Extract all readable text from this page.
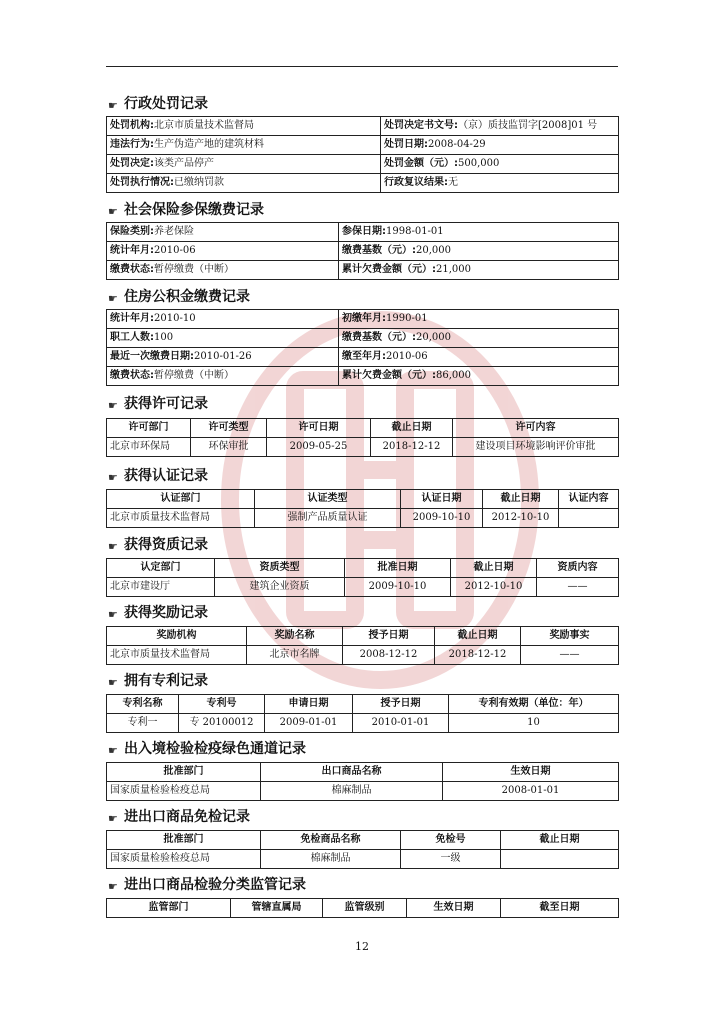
☛ 行政处罚记录
处罚机构:北京市质量技术监督局	处罚决定书文号:（京）质技监罚字[2008]01 号
违法行为:生产伪造产地的建筑材料	处罚日期:2008-04-29
处罚决定:该类产品停产	处罚金额（元）:500,000
处罚执行情况:已缴纳罚款	行政复议结果:无
☛ 社会保险参保缴费记录
保险类别:养老保险	参保日期:1998-01-01
统计年月:2010-06	缴费基数（元）:20,000
缴费状态:暂停缴费（中断）	累计欠费金额（元）:21,000
☛ 住房公积金缴费记录
统计年月:2010-10	初缴年月:1990-01
职工人数:100	缴费基数（元）:20,000
最近一次缴费日期:2010-01-26	缴至年月:2010-06
缴费状态:暂停缴费（中断）	累计欠费金额（元）:86,000
☛ 获得许可记录
许可部门	许可类型	许可日期	截止日期	许可内容
北京市环保局	环保审批	2009-05-25	2018-12-12	建设项目环境影响评价审批
☛ 获得认证记录
认证部门	认证类型	认证日期	截止日期	认证内容
北京市质量技术监督局	强制产品质量认证	2009-10-10	2012-10-10	
☛ 获得资质记录
认定部门	资质类型	批准日期	截止日期	资质内容
北京市建设厅	建筑企业资质	2009-10-10	2012-10-10	——
☛ 获得奖励记录
奖励机构	奖励名称	授予日期	截止日期	奖励事实
北京市质量技术监督局	北京市名牌	2008-12-12	2018-12-12	——
☛ 拥有专利记录
专利名称	专利号	申请日期	授予日期	专利有效期（单位：年）
专利一	专 20100012	2009-01-01	2010-01-01	10
☛ 出入境检验检疫绿色通道记录
批准部门	出口商品名称	生效日期
国家质量检验检疫总局	棉麻制品	2008-01-01
☛ 进出口商品免检记录
批准部门	免检商品名称	免检号	截止日期
国家质量检验检疫总局	棉麻制品	一级	
☛ 进出口商品检验分类监管记录
监管部门	管辖直属局	监管级别	生效日期	截至日期
12
